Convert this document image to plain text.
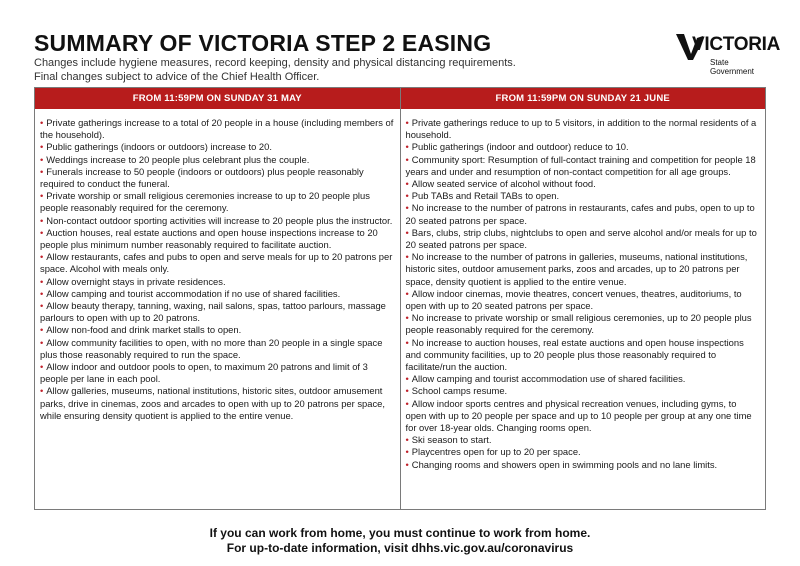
SUMMARY OF VICTORIA STEP 2 EASING
Changes include hygiene measures, record keeping, density and physical distancing requirements.
Final changes subject to advice of the Chief Health Officer.
VICTORIA
State
Government
FROM 11:59PM ON SUNDAY 31 MAY	FROM 11:59PM ON SUNDAY 21 JUNE
• Private gatherings increase to a total of 20 people in a house (including members of the household).
• Public gatherings (indoors or outdoors) increase to 20.
• Weddings increase to 20 people plus celebrant plus the couple.
• Funerals increase to 50 people (indoors or outdoors) plus people reasonably required to conduct the funeral.
• Private worship or small religious ceremonies increase to up to 20 people plus people reasonably required for the ceremony.
• Non-contact outdoor sporting activities will increase to 20 people plus the instructor.
• Auction houses, real estate auctions and open house inspections increase to 20 people plus minimum number reasonably required to facilitate auction.
• Allow restaurants, cafes and pubs to open and serve meals for up to 20 patrons per space. Alcohol with meals only.
• Allow overnight stays in private residences.
• Allow camping and tourist accommodation if no use of shared facilities.
• Allow beauty therapy, tanning, waxing, nail salons, spas, tattoo parlours, massage parlours to open with up to 20 patrons.
• Allow non-food and drink market stalls to open.
• Allow community facilities to open, with no more than 20 people in a single space plus those reasonably required to run the space.
• Allow indoor and outdoor pools to open, to maximum 20 patrons and limit of 3 people per lane in each pool.
• Allow galleries, museums, national institutions, historic sites, outdoor amusement parks, drive in cinemas, zoos and arcades to open with up to 20 patrons per space, while ensuring density quotient is applied to the entire venue.
• Private gatherings reduce to up to 5 visitors, in addition to the normal residents of a household.
• Public gatherings (indoor and outdoor) reduce to 10.
• Community sport: Resumption of full-contact training and competition for people 18 years and under and resumption of non-contact competition for all age groups.
• Allow seated service of alcohol without food.
• Pub TABs and Retail TABs to open.
• No increase to the number of patrons in restaurants, cafes and pubs, open to up to 20 seated patrons per space.
• Bars, clubs, strip clubs, nightclubs to open and serve alcohol and/or meals for up to 20 seated patrons per space.
• No increase to the number of patrons in galleries, museums, national institutions, historic sites, outdoor amusement parks, zoos and arcades, up to 20 patrons per space, density quotient is applied to the entire venue.
• Allow indoor cinemas, movie theatres, concert venues, theatres, auditoriums, to open with up to 20 seated patrons per space.
• No increase to private worship or small religious ceremonies, up to 20 people plus people reasonably required for the ceremony.
• No increase to auction houses, real estate auctions and open house inspections and community facilities, up to 20 people plus those reasonably required to facilitate/run the auction.
• Allow camping and tourist accommodation use of shared facilities.
• School camps resume.
• Allow indoor sports centres and physical recreation venues, including gyms, to open with up to 20 people per space and up to 10 people per group at any one time for over 18-year olds. Changing rooms open.
• Ski season to start.
• Playcentres open for up to 20 per space.
• Changing rooms and showers open in swimming pools and no lane limits.
If you can work from home, you must continue to work from home.
For up-to-date information, visit dhhs.vic.gov.au/coronavirus
